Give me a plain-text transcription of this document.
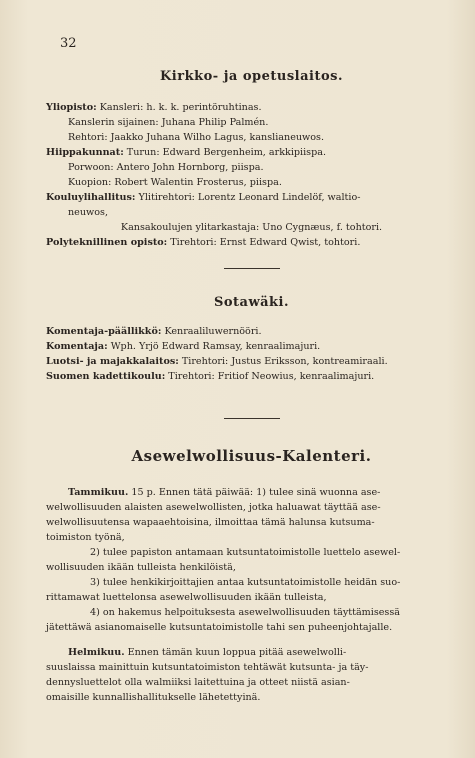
32
Kirkko- ja opetuslaitos.
Yliopisto: Kansleri: h. k. k. perintöruhtinas.
Kanslerin sijainen: Juhana Philip Palmén.
Rehtori: Jaakko Juhana Wilho Lagus, kanslianeuwos.
Hiippakunnat: Turun: Edward Bergenheim, arkkipiispa.
Porwoon: Antero John Hornborg, piispa.
Kuopion: Robert Walentin Frosterus, piispa.
Kouluylihallitus: Ylitirehtori: Lorentz Leonard Lindelöf, waltio-
neuwos,
Kansakoulujen ylitarkastaja: Uno Cygnæus, f. tohtori.
Polyteknillinen opisto: Tirehtori: Ernst Edward Qwist, tohtori.
Sotawäki.
Komentaja-päällikkö: Kenraaliluwernööri.
Komentaja: Wph. Yrjö Edward Ramsay, kenraalimajuri.
Luotsi- ja majakkalaitos: Tirehtori: Justus Eriksson, kontreamiraali.
Suomen kadettikoulu: Tirehtori: Fritiof Neowius, kenraalimajuri.
Asewelwollisuus-Kalenteri.
Tammikuu. 15 p. Ennen tätä päiwää: 1) tulee sinä wuonna ase-
welwollisuuden alaisten asewelwollisten, jotka haluawat täyttää ase-
welwollisuutensa wapaaehtoisina, ilmoittaa tämä halunsa kutsuma-
toimiston työnä,
2) tulee papiston antamaan kutsuntatoimistolle luettelo asewel-
wollisuuden ikään tulleista henkilöistä,
3) tulee henkikirjoittajien antaa kutsuntatoimistolle heidän suo-
rittamawat luettelonsa asewelwollisuuden ikään tulleista,
4) on hakemus helpoituksesta asewelwollisuuden täyttämisessä
jätettäwä asianomaiselle kutsuntatoimistolle tahi sen puheenjohtajalle.
Helmikuu. Ennen tämän kuun loppua pitää asewelwolli-
suuslaissa mainittuin kutsuntatoimiston tehtäwät kutsunta- ja täy-
dennysluettelot olla walmiiksi laitettuina ja otteet niistä asian-
omaisille kunnallishallitukselle lähetettyinä.
